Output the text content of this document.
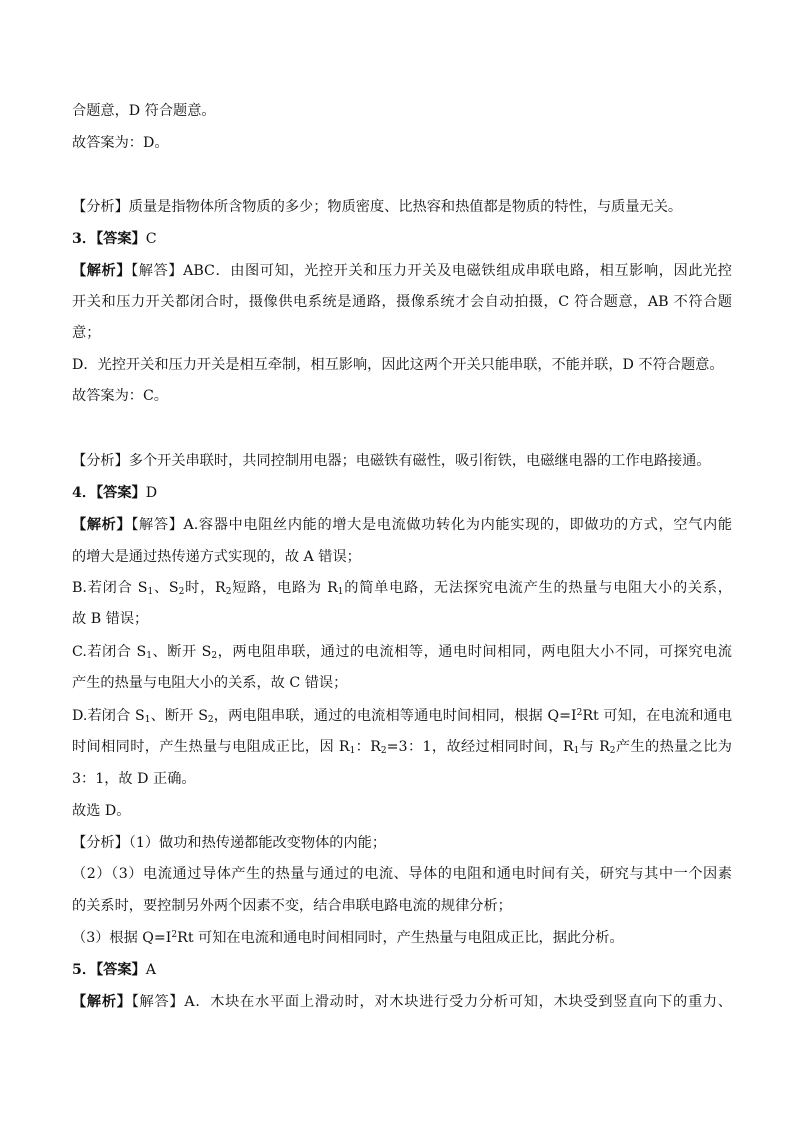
合题意，D 符合题意。
故答案为：D。
【分析】质量是指物体所含物质的多少；物质密度、比热容和热值都是物质的特性，与质量无关。
3．【答案】C
【解析】【解答】ABC．由图可知，光控开关和压力开关及电磁铁组成串联电路，相互影响，因此光控
开关和压力开关都闭合时，摄像供电系统是通路，摄像系统才会自动拍摄，C 符合题意，AB 不符合题
意；
D．光控开关和压力开关是相互牵制，相互影响，因此这两个开关只能串联，不能并联，D 不符合题意。
故答案为：C。
【分析】多个开关串联时，共同控制用电器；电磁铁有磁性，吸引衔铁，电磁继电器的工作电路接通。
4．【答案】D
【解析】【解答】A.容器中电阻丝内能的增大是电流做功转化为内能实现的，即做功的方式，空气内能
的增大是通过热传递方式实现的，故 A 错误；
B.若闭合 $S_1$、$S_2$时，$R_2$短路，电路为 $R_1$的简单电路，无法探究电流产生的热量与电阻大小的关系，
故 B 错误；
C.若闭合 $S_1$、断开 $S_2$，两电阻串联，通过的电流相等，通电时间相同，两电阻大小不同，可探究电流
产生的热量与电阻大小的关系，故 C 错误；
D.若闭合 $S_1$、断开 $S_2$，两电阻串联，通过的电流相等通电时间相同，根据 $Q=I^2Rt$ 可知，在电流和通电
时间相同时，产生热量与电阻成正比，因 $R_1$：$R_2=3$：1，故经过相同时间，$R_1$与 $R_2$产生的热量之比为
3：1，故 D 正确。
故选 D。
【分析】（1）做功和热传递都能改变物体的内能；
（2）（3）电流通过导体产生的热量与通过的电流、导体的电阻和通电时间有关，研究与其中一个因素
的关系时，要控制另外两个因素不变，结合串联电路电流的规律分析；
（3）根据 $Q=I^2Rt$ 可知在电流和通电时间相同时，产生热量与电阻成正比，据此分析。
5．【答案】A
【解析】【解答】A．木块在水平面上滑动时，对木块进行受力分析可知，木块受到竖直向下的重力、
